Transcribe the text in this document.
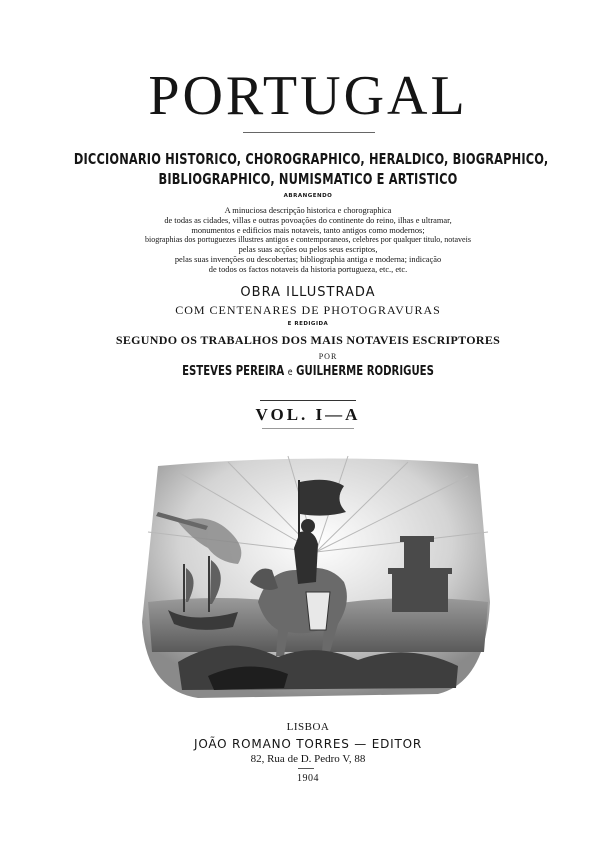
PORTUGAL
DICCIONARIO HISTORICO, CHOROGRAPHICO, HERALDICO, BIOGRAPHICO,
BIBLIOGRAPHICO, NUMISMATICO E ARTISTICO
ABRANGENDO
A minuciosa descripção historica e chorographica
de todas as cidades, villas e outras povoações do continente do reino, ilhas e ultramar,
monumentos e edificios mais notaveis, tanto antigos como modernos;
biographias dos portuguezes illustres antigos e contemporaneos, celebres por qualquer titulo, notaveis
pelas suas acções ou pelos seus escriptos,
pelas suas invenções ou descobertas; bibliographia antiga e moderna; indicação
de todos os factos notaveis da historia portugueza, etc., etc.
OBRA ILLUSTRADA
COM CENTENARES DE PHOTOGRAVURAS
E REDIGIDA
SEGUNDO OS TRABALHOS DOS MAIS NOTAVEIS ESCRIPTORES
POR
ESTEVES PEREIRA e GUILHERME RODRIGUES
VOL. I—A
LISBOA
JOÃO ROMANO TORRES — EDITOR
82, Rua de D. Pedro V, 88
1904
